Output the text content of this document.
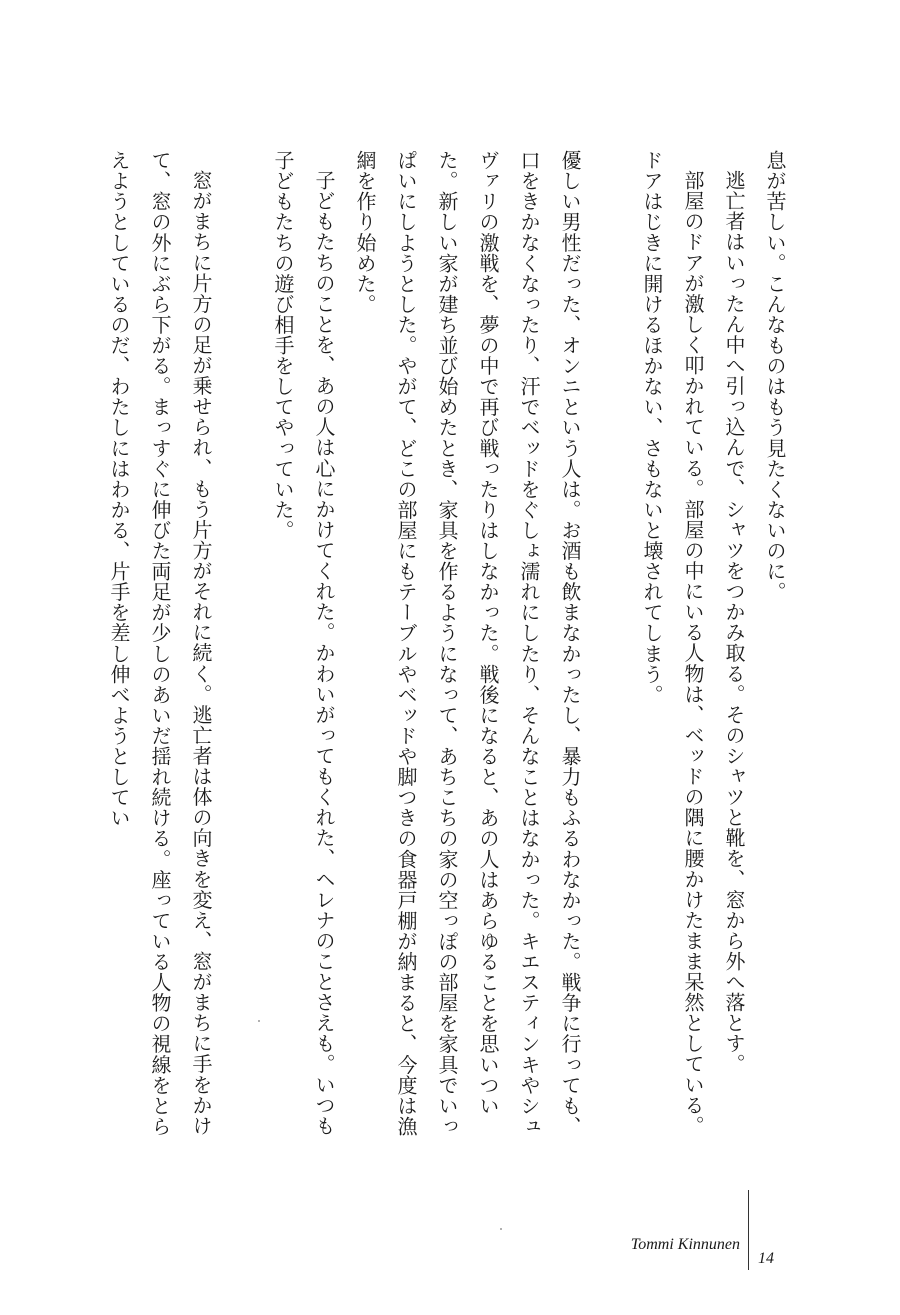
息が苦しい。こんなものはもう見たくないのに。

逃亡者はいったん中へ引っ込んで、シャツをつかみ取る。そのシャツと靴を、窓から外へ落とす。

部屋のドアが激しく叩かれている。部屋の中にいる人物は、ベッドの隅に腰かけたまま呆然としている。ドアはじきに開けるほかない、さもないと壊されてしまう。

優しい男性だった、オンニという人は。お酒も飲まなかったし、暴力もふるわなかった。戦争に行っても、口をきかなくなったり、汗でベッドをぐしょ濡れにしたり、そんなことはなかった。キエスティンキやシュヴァリの激戦を、夢の中で再び戦ったりはしなかった。戦後になると、あの人はあらゆることを思いついた。新しい家が建ち並び始めたとき、家具を作るようになって、あちこちの家の空っぽの部屋を家具でいっぱいにしようとした。やがて、どこの部屋にもテーブルやベッドや脚つきの食器戸棚が納まると、今度は漁網を作り始めた。

子どもたちのことを、あの人は心にかけてくれた。かわいがってもくれた、ヘレナのことさえも。いつも子どもたちの遊び相手をしてやっていた。

窓がまちに片方の足が乗せられ、もう片方がそれに続く。逃亡者は体の向きを変え、窓がまちに手をかけて、窓の外にぶら下がる。まっすぐに伸びた両足が少しのあいだ揺れ続ける。座っている人物の視線をとらえようとしているのだ、わたしにはわかる、片手を差し伸べようとしてい

Tommi Kinnunen
14
